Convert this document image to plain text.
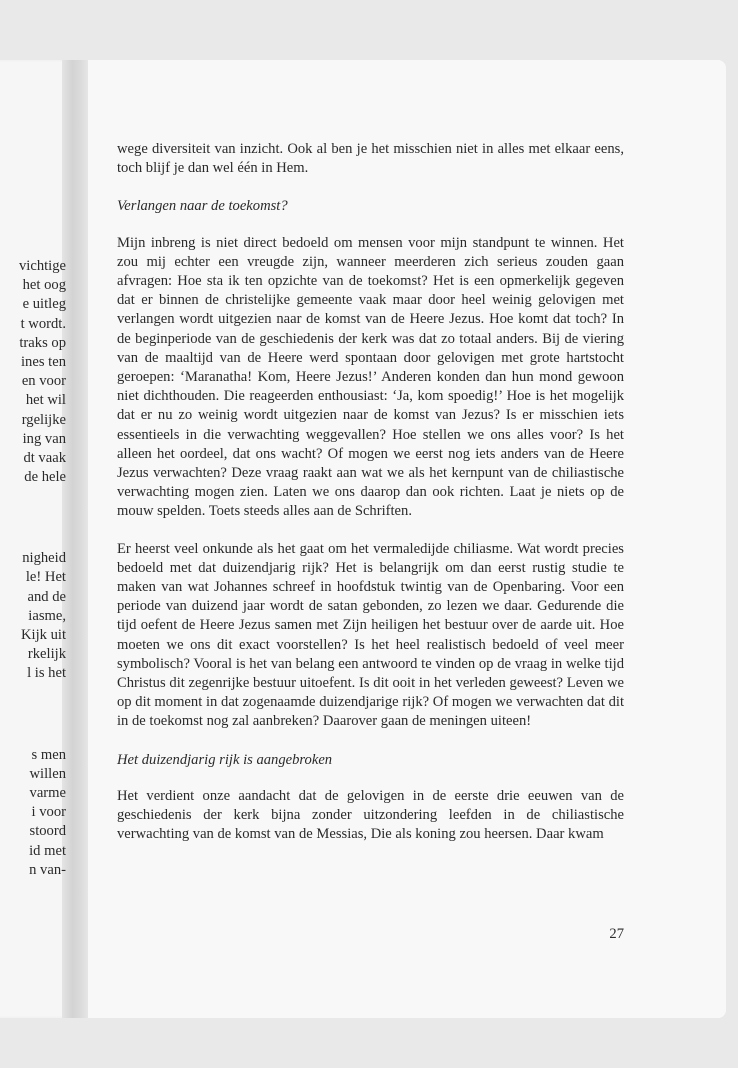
vichtige
het oog
e uitleg
t wordt.
traks op
ines ten
en voor
het wil
rgelijke
ing van
dt vaak
de hele
nigheid
le! Het
and de
iasme,
Kijk uit
rkelijk
l is het
s men
willen
varme
i voor
stoord
id met
n van-

wege diversiteit van inzicht. Ook al ben je het misschien niet in alles met elkaar eens, toch blijf je dan wel één in Hem.

Verlangen naar de toekomst?

Mijn inbreng is niet direct bedoeld om mensen voor mijn standpunt te winnen. Het zou mij echter een vreugde zijn, wanneer meerderen zich serieus zouden gaan afvragen: Hoe sta ik ten opzichte van de toekomst? Het is een opmerkelijk gegeven dat er binnen de christelijke gemeente vaak maar door heel weinig gelovigen met verlangen wordt uitgezien naar de komst van de Heere Jezus. Hoe komt dat toch? In de beginperiode van de geschiedenis der kerk was dat zo totaal anders. Bij de viering van de maaltijd van de Heere werd spontaan door gelovigen met grote hartstocht geroepen: ‘Maranatha! Kom, Heere Jezus!’ Anderen konden dan hun mond gewoon niet dichthouden. Die reageerden enthousiast: ‘Ja, kom spoedig!’ Hoe is het mogelijk dat er nu zo weinig wordt uitgezien naar de komst van Jezus? Is er misschien iets essentieels in die verwachting weggevallen? Hoe stellen we ons alles voor? Is het alleen het oordeel, dat ons wacht? Of mogen we eerst nog iets anders van de Heere Jezus verwachten? Deze vraag raakt aan wat we als het kernpunt van de chiliastische verwachting mogen zien. Laten we ons daarop dan ook richten. Laat je niets op de mouw spelden. Toets steeds alles aan de Schriften.

Er heerst veel onkunde als het gaat om het vermaledijde chiliasme. Wat wordt precies bedoeld met dat duizendjarig rijk? Het is belangrijk om dan eerst rustig studie te maken van wat Johannes schreef in hoofdstuk twintig van de Openbaring. Voor een periode van duizend jaar wordt de satan gebonden, zo lezen we daar. Gedurende die tijd oefent de Heere Jezus samen met Zijn heiligen het bestuur over de aarde uit. Hoe moeten we ons dit exact voorstellen? Is het heel realistisch bedoeld of veel meer symbolisch? Vooral is het van belang een antwoord te vinden op de vraag in welke tijd Christus dit zegenrijke bestuur uitoefent. Is dit ooit in het verleden geweest? Leven we op dit moment in dat zogenaamde duizendjarige rijk? Of mogen we verwachten dat dit in de toekomst nog zal aanbreken? Daarover gaan de meningen uiteen!

Het duizendjarig rijk is aangebroken

Het verdient onze aandacht dat de gelovigen in de eerste drie eeuwen van de geschiedenis der kerk bijna zonder uitzondering leefden in de chiliastische verwachting van de komst van de Messias, Die als koning zou heersen. Daar kwam

27
